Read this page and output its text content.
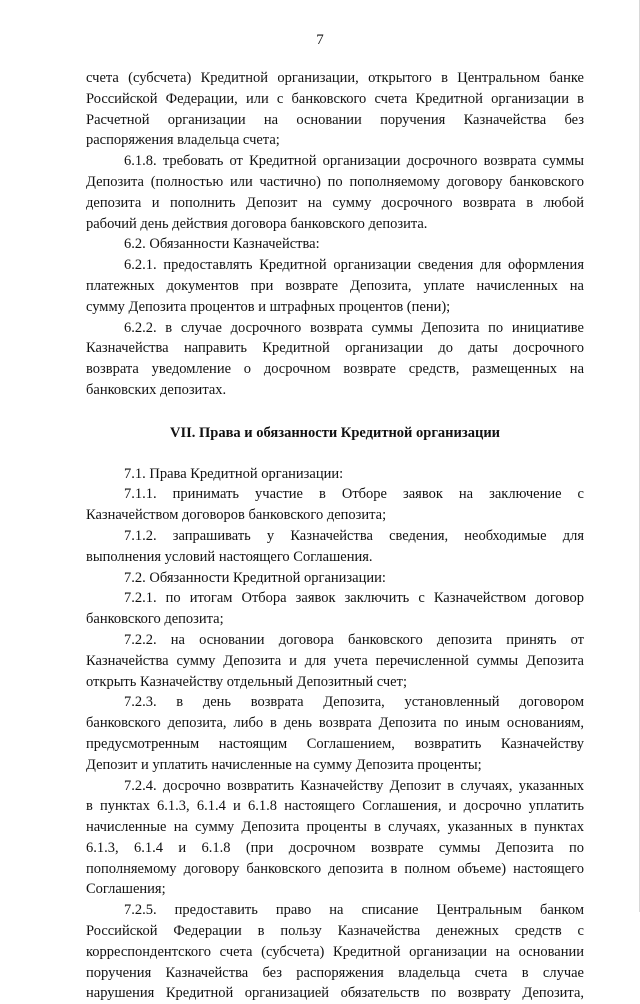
7
счета (субсчета) Кредитной организации, открытого в Центральном банке
Российской Федерации, или с банковского счета Кредитной организации в
Расчетной организации на основании поручения Казначейства без
распоряжения владельца счета;
6.1.8. требовать от Кредитной организации досрочного возврата суммы
Депозита (полностью или частично) по пополняемому договору банковского
депозита и пополнить Депозит на сумму досрочного возврата в любой
рабочий день действия договора банковского депозита.
6.2. Обязанности Казначейства:
6.2.1. предоставлять Кредитной организации сведения для оформления
платежных документов при возврате Депозита, уплате начисленных на
сумму Депозита процентов и штрафных процентов (пени);
6.2.2. в случае досрочного возврата суммы Депозита по инициативе
Казначейства направить Кредитной организации до даты досрочного
возврата уведомление о досрочном возврате средств, размещенных на
банковских депозитах.
VII. Права и обязанности Кредитной организации
7.1. Права Кредитной организации:
7.1.1. принимать участие в Отборе заявок на заключение с
Казначейством договоров банковского депозита;
7.1.2. запрашивать у Казначейства сведения, необходимые для
выполнения условий настоящего Соглашения.
7.2. Обязанности Кредитной организации:
7.2.1. по итогам Отбора заявок заключить с Казначейством договор
банковского депозита;
7.2.2. на основании договора банковского депозита принять от
Казначейства сумму Депозита и для учета перечисленной суммы Депозита
открыть Казначейству отдельный Депозитный счет;
7.2.3. в день возврата Депозита, установленный договором
банковского депозита, либо в день возврата Депозита по иным основаниям,
предусмотренным настоящим Соглашением, возвратить Казначейству
Депозит и уплатить начисленные на сумму Депозита проценты;
7.2.4. досрочно возвратить Казначейству Депозит в случаях, указанных
в пунктах 6.1.3, 6.1.4 и 6.1.8 настоящего Соглашения, и досрочно уплатить
начисленные на сумму Депозита проценты в случаях, указанных в пунктах
6.1.3, 6.1.4 и 6.1.8 (при досрочном возврате суммы Депозита по
пополняемому договору банковского депозита в полном объеме) настоящего
Соглашения;
7.2.5. предоставить право на списание Центральным банком
Российской Федерации в пользу Казначейства денежных средств с
корреспондентского счета (субсчета) Кредитной организации на основании
поручения Казначейства без распоряжения владельца счета в случае
нарушения Кредитной организацией обязательств по возврату Депозита,
